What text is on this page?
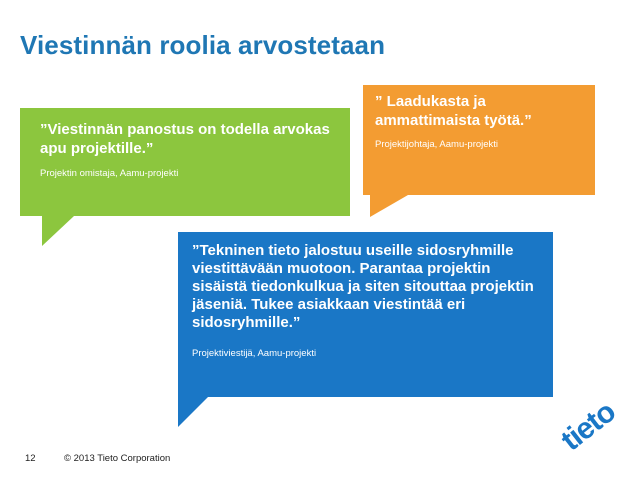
Viestinnän roolia arvostetaan
”Viestinnän panostus on todella arvokas apu projektille.”
Projektin omistaja, Aamu-projekti
” Laadukasta ja ammattimaista työtä.”
Projektijohtaja, Aamu-projekti
”Tekninen tieto jalostuu useille sidosryhmille viestittävään muotoon. Parantaa projektin sisäistä tiedonkulkua ja siten sitouttaa projektin jäseniä. Tukee asiakkaan viestintää eri sidosryhmille.”
Projektiviestijä, Aamu-projekti
12	© 2013 Tieto Corporation
tieto
